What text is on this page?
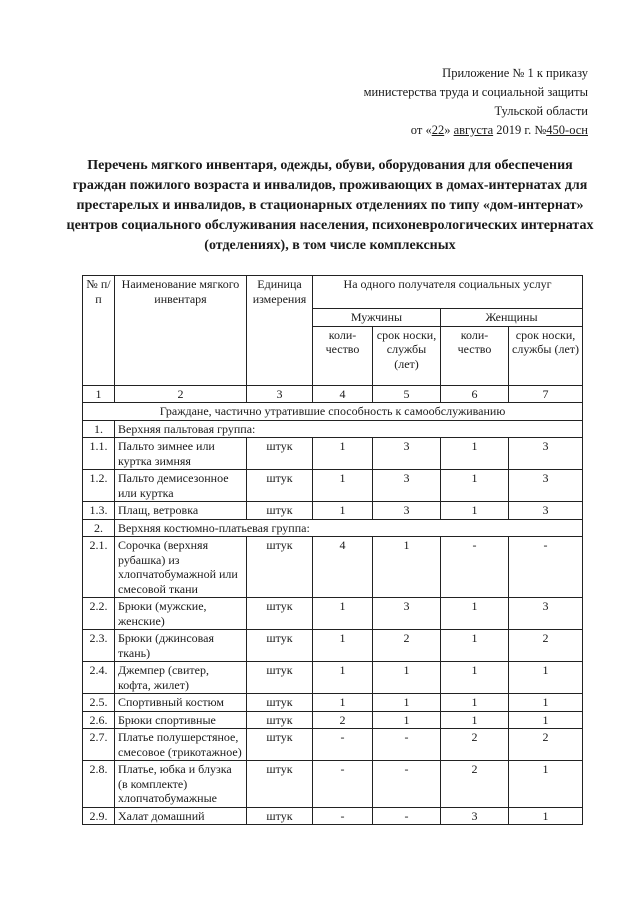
Приложение № 1 к приказу
министерства труда и социальной защиты
Тульской области
от «22» августа 2019 г. №450-осн
Перечень мягкого инвентаря, одежды, обуви, оборудования для обеспечения граждан пожилого возраста и инвалидов, проживающих в домах-интернатах для престарелых и инвалидов, в стационарных отделениях по типу «дом-интернат» центров социального обслуживания населения, психоневрологических интернатах (отделениях), в том числе комплексных
№ п/п	Наименование мягкого инвентаря	Единица измерения	На одного получателя социальных услуг			
			Мужчины		Женщины	
			коли-чество	срок носки, службы (лет)	коли-чество	срок носки, службы (лет)
1	2	3	4	5	6	7
Граждане, частично утратившие способность к самообслуживанию						
1.	Верхняя пальтовая группа:					
1.1.	Пальто зимнее или куртка зимняя	штук	1	3	1	3
1.2.	Пальто демисезонное или куртка	штук	1	3	1	3
1.3.	Плащ, ветровка	штук	1	3	1	3
2.	Верхняя костюмно-платьевая группа:					
2.1.	Сорочка (верхняя рубашка) из хлопчатобумажной или смесовой ткани	штук	4	1	-	-
2.2.	Брюки (мужские, женские)	штук	1	3	1	3
2.3.	Брюки (джинсовая ткань)	штук	1	2	1	2
2.4.	Джемпер (свитер, кофта, жилет)	штук	1	1	1	1
2.5.	Спортивный костюм	штук	1	1	1	1
2.6.	Брюки спортивные	штук	2	1	1	1
2.7.	Платье полушерстяное, смесовое (трикотажное)	штук	-	-	2	2
2.8.	Платье, юбка и блузка (в комплекте) хлопчатобумажные	штук	-	-	2	1
2.9.	Халат домашний	штук	-	-	3	1
